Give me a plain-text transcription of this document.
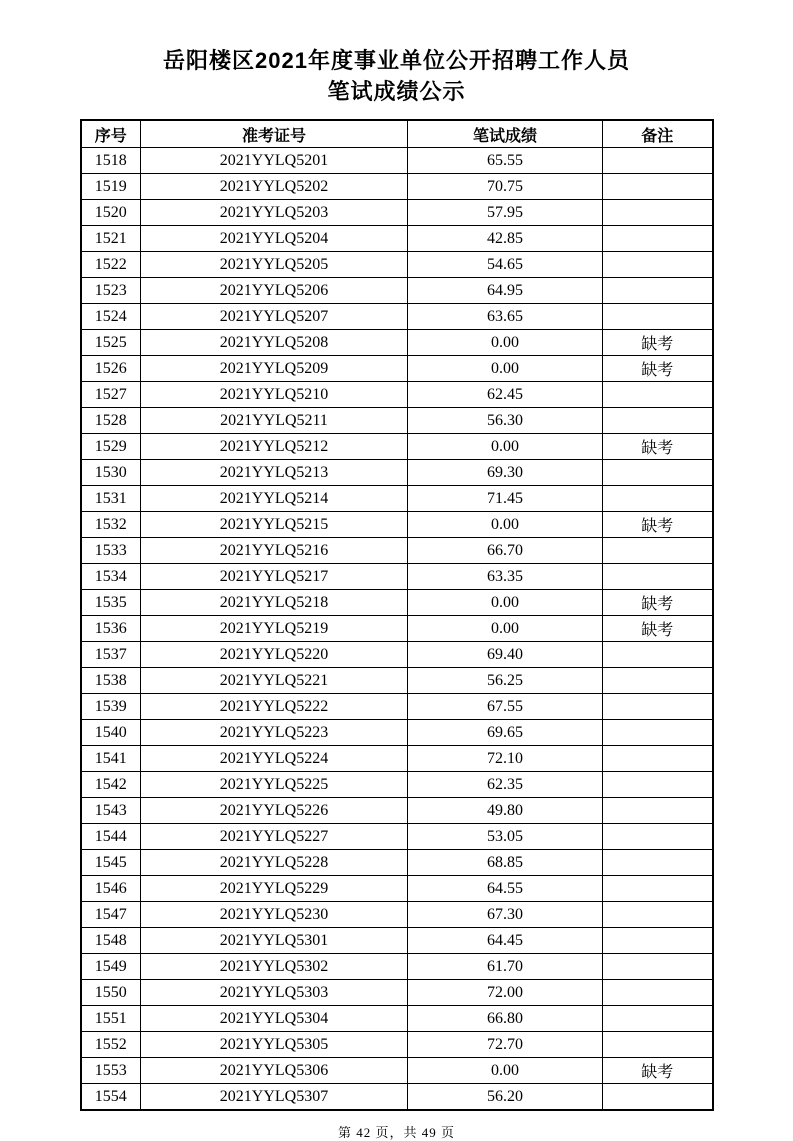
岳阳楼区2021年度事业单位公开招聘工作人员
笔试成绩公示
序号	准考证号	笔试成绩	备注
1518	2021YYLQ5201	65.55	
1519	2021YYLQ5202	70.75	
1520	2021YYLQ5203	57.95	
1521	2021YYLQ5204	42.85	
1522	2021YYLQ5205	54.65	
1523	2021YYLQ5206	64.95	
1524	2021YYLQ5207	63.65	
1525	2021YYLQ5208	0.00	缺考
1526	2021YYLQ5209	0.00	缺考
1527	2021YYLQ5210	62.45	
1528	2021YYLQ5211	56.30	
1529	2021YYLQ5212	0.00	缺考
1530	2021YYLQ5213	69.30	
1531	2021YYLQ5214	71.45	
1532	2021YYLQ5215	0.00	缺考
1533	2021YYLQ5216	66.70	
1534	2021YYLQ5217	63.35	
1535	2021YYLQ5218	0.00	缺考
1536	2021YYLQ5219	0.00	缺考
1537	2021YYLQ5220	69.40	
1538	2021YYLQ5221	56.25	
1539	2021YYLQ5222	67.55	
1540	2021YYLQ5223	69.65	
1541	2021YYLQ5224	72.10	
1542	2021YYLQ5225	62.35	
1543	2021YYLQ5226	49.80	
1544	2021YYLQ5227	53.05	
1545	2021YYLQ5228	68.85	
1546	2021YYLQ5229	64.55	
1547	2021YYLQ5230	67.30	
1548	2021YYLQ5301	64.45	
1549	2021YYLQ5302	61.70	
1550	2021YYLQ5303	72.00	
1551	2021YYLQ5304	66.80	
1552	2021YYLQ5305	72.70	
1553	2021YYLQ5306	0.00	缺考
1554	2021YYLQ5307	56.20	
第 42 页，共 49 页
